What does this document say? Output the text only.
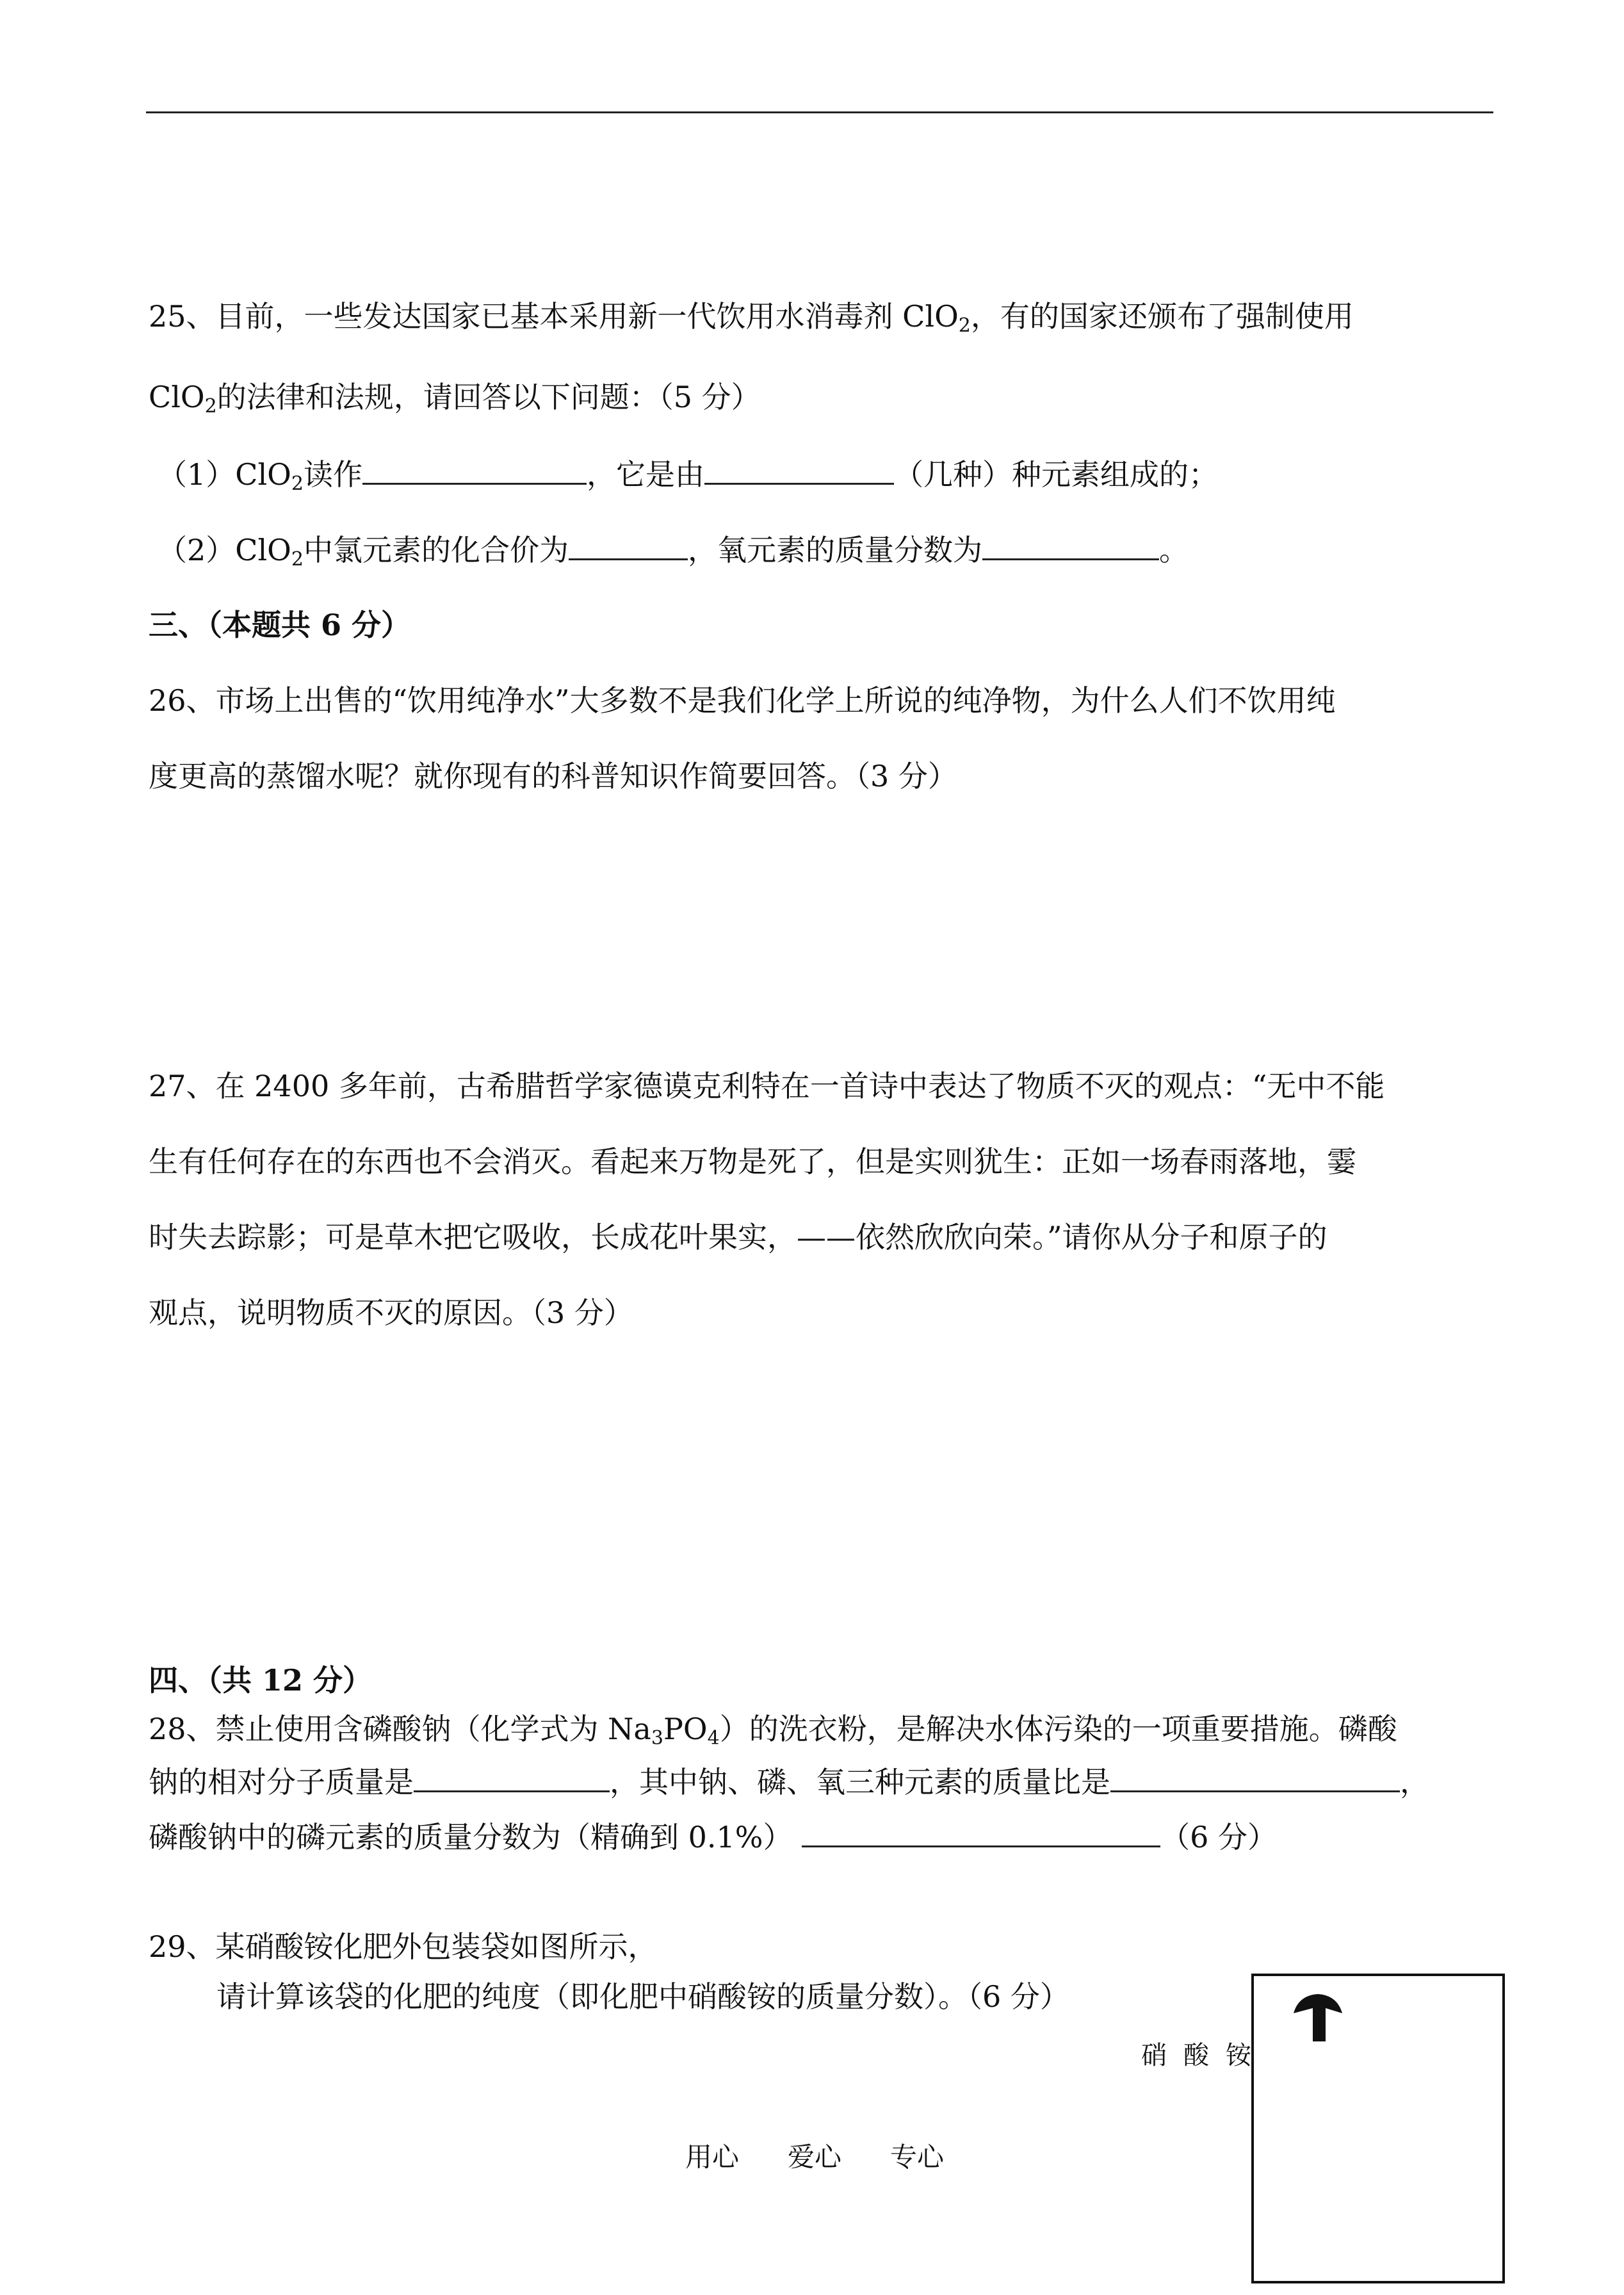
25、目前，一些发达国家已基本采用新一代饮用水消毒剂 ClO$_2$，有的国家还颁布了强制使用
ClO$_2$的法律和法规，请回答以下问题：（5 分）
（1）ClO$_2$读作	，它是由	（几种）种元素组成的；
（2）ClO$_2$中氯元素的化合价为	，氧元素的质量分数为	。
三、（本题共 6 分）
26、市场上出售的“饮用纯净水”大多数不是我们化学上所说的纯净物，为什么人们不饮用纯
度更高的蒸馏水呢？就你现有的科普知识作简要回答。（3 分）
27、在 2400 多年前，古希腊哲学家德谟克利特在一首诗中表达了物质不灭的观点：“无中不能
生有任何存在的东西也不会消灭。看起来万物是死了，但是实则犹生：正如一场春雨落地，霎
时失去踪影；可是草木把它吸收，长成花叶果实，——依然欣欣向荣。”请你从分子和原子的
观点，说明物质不灭的原因。（3 分）
四、（共 12 分）
28、禁止使用含磷酸钠（化学式为 $Na_3PO_4$）的洗衣粉，是解决水体污染的一项重要措施。磷酸
钠的相对分子质量是	，其中钠、磷、氧三种元素的质量比是	，
磷酸钠中的磷元素的质量分数为（精确到 0.1%）	（6 分）
29、某硝酸铵化肥外包装袋如图所示，
请计算该袋的化肥的纯度（即化肥中硝酸铵的质量分数）。（6 分）
硝酸铵
用心 爱心 专心
